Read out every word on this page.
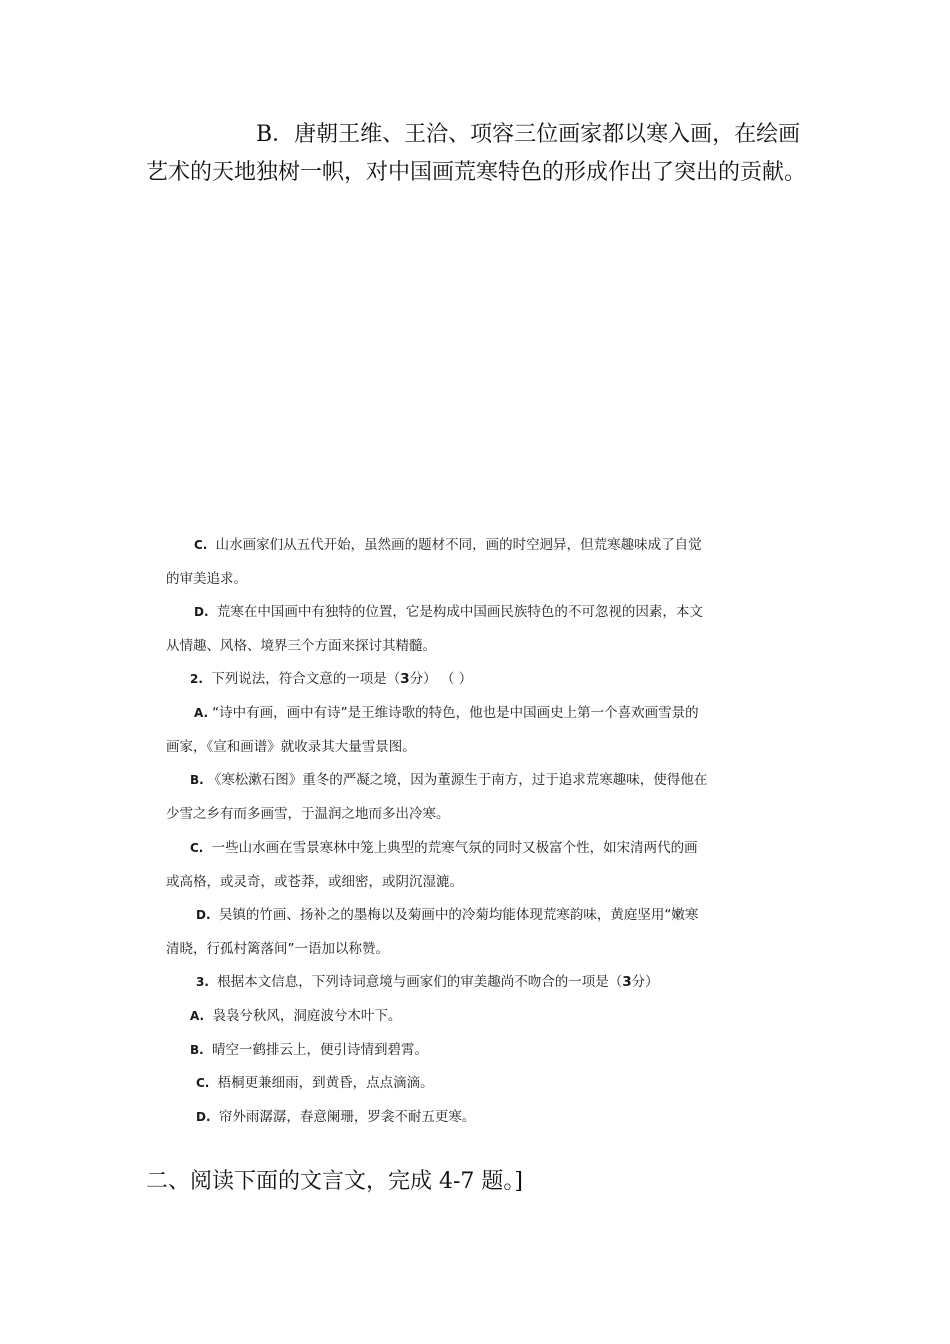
B．唐朝王维、王洽、项容三位画家都以寒入画，在绘画
艺术的天地独树一帜，对中国画荒寒特色的形成作出了突出的贡献。
C. 山水画家们从五代开始，虽然画的题材不同，画的时空迥异，但荒寒趣味成了自觉
的审美追求。
D. 荒寒在中国画中有独特的位置，它是构成中国画民族特色的不可忽视的因素，本文
从情趣、风格、境界三个方面来探讨其精髓。
2. 下列说法，符合文意的一项是（3分） （ ）
A. “诗中有画，画中有诗”是王维诗歌的特色，他也是中国画史上第一个喜欢画雪景的
画家，《宣和画谱》就收录其大量雪景图。
B. 《寒松漱石图》重冬的严凝之境，因为董源生于南方，过于追求荒寒趣味，使得他在
少雪之乡有而多画雪，于温润之地而多出冷寒。
C. 一些山水画在雪景寒林中笼上典型的荒寒气氛的同时又极富个性，如宋清两代的画
或高格，或灵奇，或苍莽，或细密，或阴沉湿漉。
D. 吴镇的竹画、扬补之的墨梅以及菊画中的冷菊均能体现荒寒韵味，黄庭坚用“嫩寒
清晓，行孤村篱落间”一语加以称赞。
3. 根据本文信息，下列诗词意境与画家们的审美趣尚不吻合的一项是（3分）
A. 袅袅兮秋风，洞庭波兮木叶下。
B. 晴空一鹤排云上，便引诗情到碧霄。
C. 梧桐更兼细雨，到黄昏，点点滴滴。
D. 帘外雨潺潺，春意阑珊，罗衾不耐五更寒。
二、阅读下面的文言文，完成 4-7 题。]
